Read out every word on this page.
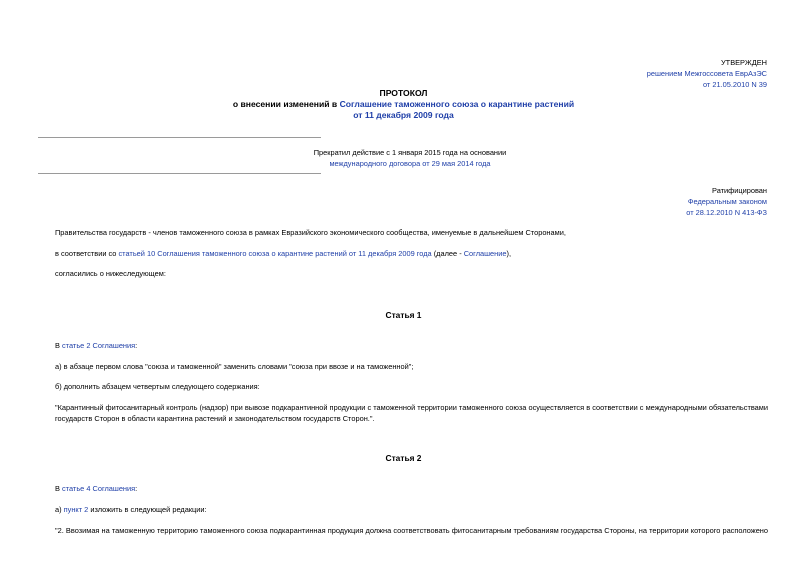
УТВЕРЖДЕН
решением Межгоссовета ЕврАзЭС
от 21.05.2010 N 39
ПРОТОКОЛ
о внесении изменений в Соглашение таможенного союза о карантине растений
от 11 декабря 2009 года
Прекратил действие с 1 января 2015 года на основании
международного договора от 29 мая 2014 года
Ратифицирован
Федеральным законом
от 28.12.2010 N 413-ФЗ
Правительства государств - членов таможенного союза в рамках Евразийского экономического сообщества, именуемые в дальнейшем Сторонами,
в соответствии со статьей 10 Соглашения таможенного союза о карантине растений от 11 декабря 2009 года (далее - Соглашение),
согласились о нижеследующем:
Статья 1
В статье 2 Соглашения:
а) в абзаце первом слова "союза и таможенной" заменить словами "союза при ввозе и на таможенной";
б) дополнить абзацем четвертым следующего содержания:
"Карантинный фитосанитарный контроль (надзор) при вывозе подкарантинной продукции с таможенной территории таможенного союза осуществляется в соответствии с международными обязательствами государств Сторон в области карантина растений и законодательством государств Сторон.".
Статья 2
В статье 4 Соглашения:
а) пункт 2 изложить в следующей редакции:
"2. Ввозимая на таможенную территорию таможенного союза подкарантинная продукция должна соответствовать фитосанитарным требованиям государства Стороны, на территории которого расположено
